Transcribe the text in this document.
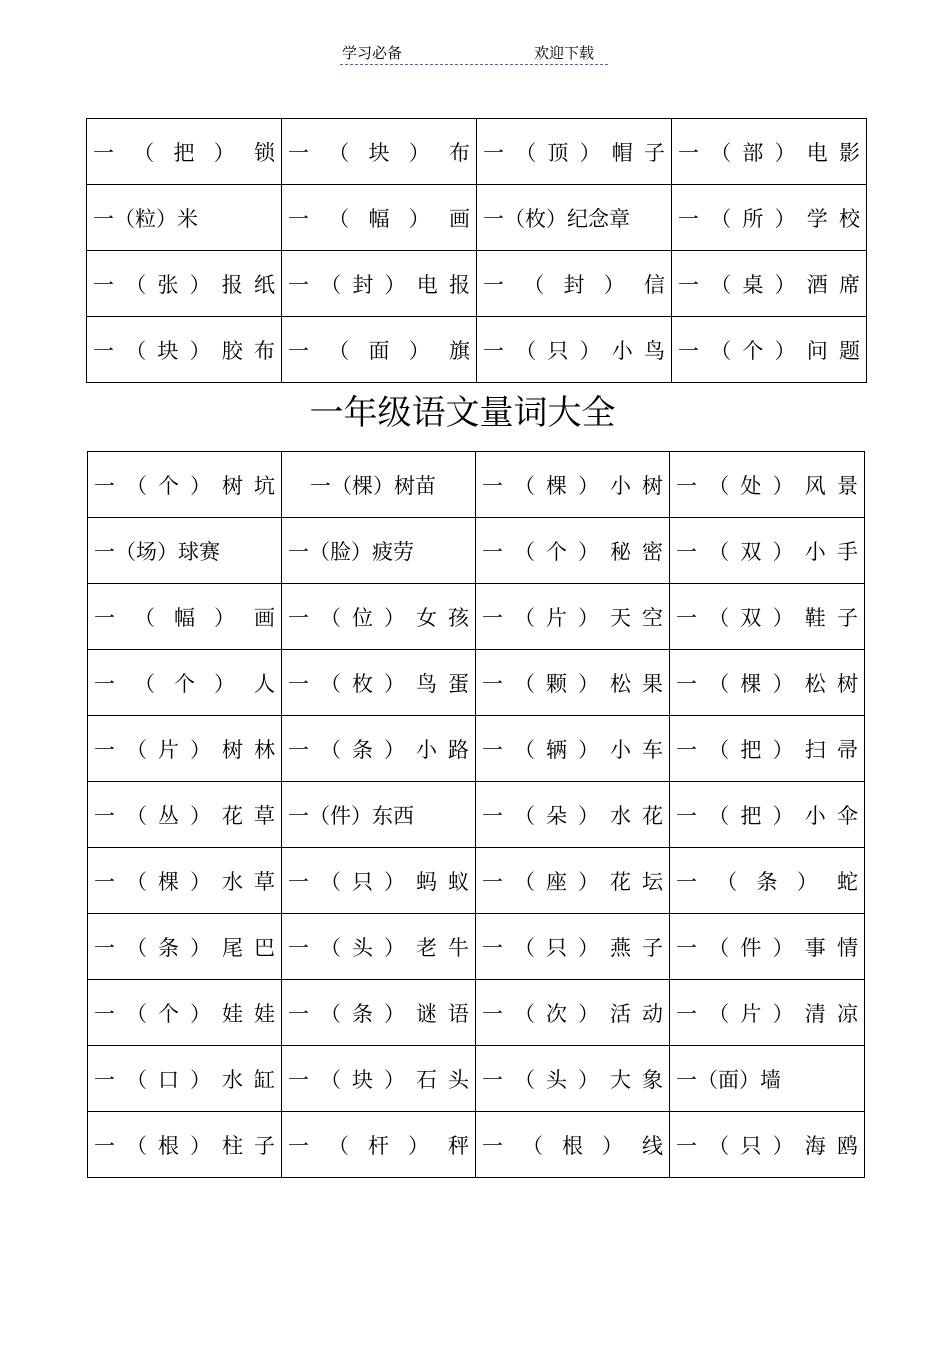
学习必备	欢迎下载
一（把）锁	一（块）布	一（顶）帽子	一（部）电影

一（粒）米	一（幅）画	一（枚）纪念章	一（所）学校

一（张）报纸	一（封）电报	一（封）信	一（桌）酒席

一（块）胶布	一（面）旗	一（只）小鸟	一（个）问题
一年级语文量词大全
一（个）树坑	一（棵）树苗	一（棵）小树	一（处）风景

一（场）球赛	一（脸）疲劳	一（个）秘密	一（双）小手

一（幅）画	一（位）女孩	一（片）天空	一（双）鞋子

一（个）人	一（枚）鸟蛋	一（颗）松果	一（棵）松树

一（片）树林	一（条）小路	一（辆）小车	一（把）扫帚

一（丛）花草	一（件）东西	一（朵）水花	一（把）小伞

一（棵）水草	一（只）蚂蚁	一（座）花坛	一（条）蛇

一（条）尾巴	一（头）老牛	一（只）燕子	一（件）事情

一（个）娃娃	一（条）谜语	一（次）活动	一（片）清凉

一（口）水缸	一（块）石头	一（头）大象	一（面）墙

一（根）柱子	一（杆）秤	一（根）线	一（只）海鸥
